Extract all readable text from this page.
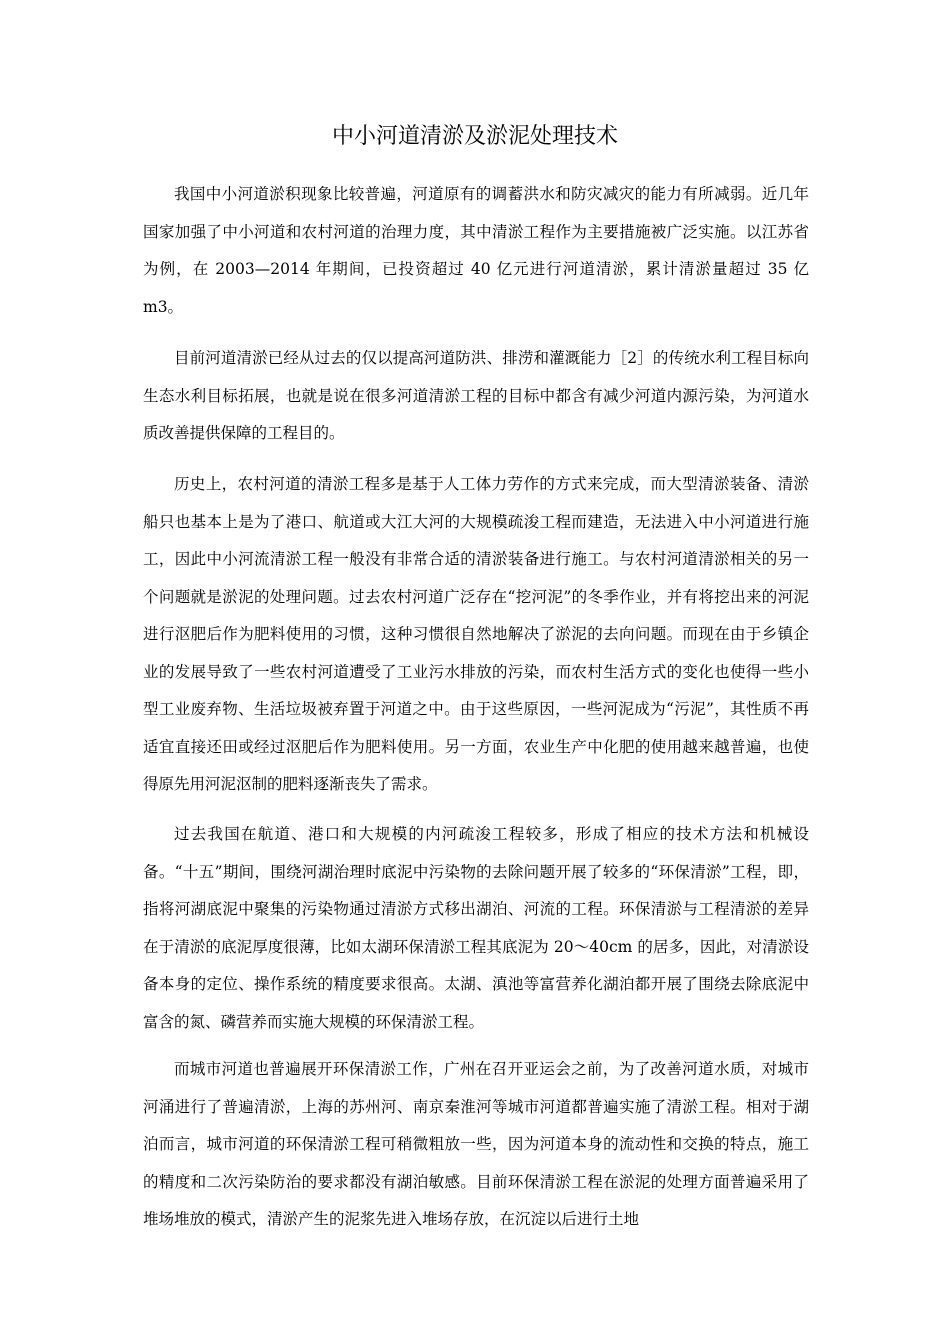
中小河道清淤及淤泥处理技术

我国中小河道淤积现象比较普遍，河道原有的调蓄洪水和防灾减灾的能力有所减弱。近几年国家加强了中小河道和农村河道的治理力度，其中清淤工程作为主要措施被广泛实施。以江苏省为例，在 2003—2014 年期间，已投资超过 40 亿元进行河道清淤，累计清淤量超过 35 亿 m3。

目前河道清淤已经从过去的仅以提高河道防洪、排涝和灌溉能力［2］的传统水利工程目标向生态水利目标拓展，也就是说在很多河道清淤工程的目标中都含有减少河道内源污染，为河道水质改善提供保障的工程目的。

历史上，农村河道的清淤工程多是基于人工体力劳作的方式来完成，而大型清淤装备、清淤船只也基本上是为了港口、航道或大江大河的大规模疏浚工程而建造，无法进入中小河道进行施工，因此中小河流清淤工程一般没有非常合适的清淤装备进行施工。与农村河道清淤相关的另一个问题就是淤泥的处理问题。过去农村河道广泛存在“挖河泥”的冬季作业，并有将挖出来的河泥进行沤肥后作为肥料使用的习惯，这种习惯很自然地解决了淤泥的去向问题。而现在由于乡镇企业的发展导致了一些农村河道遭受了工业污水排放的污染，而农村生活方式的变化也使得一些小型工业废弃物、生活垃圾被弃置于河道之中。由于这些原因，一些河泥成为“污泥”，其性质不再适宜直接还田或经过沤肥后作为肥料使用。另一方面，农业生产中化肥的使用越来越普遍，也使得原先用河泥沤制的肥料逐渐丧失了需求。

过去我国在航道、港口和大规模的内河疏浚工程较多，形成了相应的技术方法和机械设备。“十五”期间，围绕河湖治理时底泥中污染物的去除问题开展了较多的“环保清淤”工程，即，指将河湖底泥中聚集的污染物通过清淤方式移出湖泊、河流的工程。环保清淤与工程清淤的差异在于清淤的底泥厚度很薄，比如太湖环保清淤工程其底泥为 20～40cm 的居多，因此，对清淤设备本身的定位、操作系统的精度要求很高。太湖、滇池等富营养化湖泊都开展了围绕去除底泥中富含的氮、磷营养而实施大规模的环保清淤工程。

而城市河道也普遍展开环保清淤工作，广州在召开亚运会之前，为了改善河道水质，对城市河涌进行了普遍清淤，上海的苏州河、南京秦淮河等城市河道都普遍实施了清淤工程。相对于湖泊而言，城市河道的环保清淤工程可稍微粗放一些，因为河道本身的流动性和交换的特点，施工的精度和二次污染防治的要求都没有湖泊敏感。目前环保清淤工程在淤泥的处理方面普遍采用了堆场堆放的模式，清淤产生的泥浆先进入堆场存放，在沉淀以后进行土地
